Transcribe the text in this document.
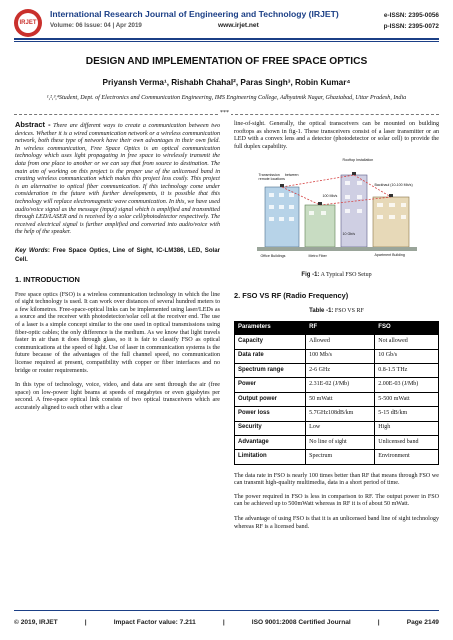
IRJET
International Research Journal of Engineering and Technology (IRJET)
Volume: 06 Issue: 04 | Apr 2019	www.irjet.net
e-ISSN: 2395-0056
p-ISSN: 2395-0072
DESIGN AND IMPLEMENTATION OF FREE SPACE OPTICS
Priyansh Verma¹, Rishabh Chahal², Paras Singh³, Robin Kumar⁴
¹,²,³,⁴Student, Dept. of Electronics and Communication Engineering, IMS Engineering College, Adhyatmik Nagar, Ghaziabad, Uttar Pradesh, India
***

Abstract - There are different ways to create a communication between two devices. Whether it is a wired communication network or a wireless communication network, both these type of network have their own advantages in their own field. In wireless communication, Free Space Optics is an optical communication technology which uses light propagating in free space to wirelessly transmit the data from one place to another or we can say that from source to destination. The main aim of working on this project is the proper use of the unlicensed band in creating wireless communication which makes this project less costly. This project is an alternative to optical fiber communication. If this technology come under consideration in the future with further developments, it is possible that this technology will replace electromagnetic wave communication. In this, we have used audio/voice signal as the message (input) signal which is amplified and transmitted through LED/LASER and is received by a solar cell/photodetector respectively. The received electrical signal is further amplified and converted into audio/voice with the help of the speaker.

Key Words: Free Space Optics, Line of Sight, IC-LM386, LED, Solar Cell.

1. INTRODUCTION

Free space optics (FSO) is a wireless communication technology in which the line of sight technology is used. It can work over distances of several hundred meters to a few kilometres. Free-space-optical links can be implemented using laser/LEDs as a source and the receiver with photodetector/solar cell at the receiver end. The use of a laser is a simple concept similar to the one used in optical transmissions using fiber-optic cables; the only difference is the medium. As we know that light travels faster in air than it does through glass, so it is fair to classify FSO as optical communications at the speed of light. Use of laser in communication systems is the future because of the advantages of the full channel speed, no communication license required at present, compatibility with copper or fiber interfaces and no bridge or router requirements.

In this type of technology, voice, video, and data are sent through the air (free space) on low-power light beams at speeds of megabytes or even gigabytes per second. A free-space optical link consists of two optical transceivers which are accurately aligned to each other with a clear

line-of-sight. Generally, the optical transceivers can be mounted on building rooftops as shown in fig-1. These transceivers consist of a laser transmitter or an LED with a convex lens and a detector (photodetector or solar cell) to provide the full duplex capability.

Rooftop Installation
Transmission between remote locations
Backhaul (10-100 Mb/s)
Office Buildings
100 Mb/s
10 Gb/s
Apartment Building
Metro Fiber
Fig -1: A Typical FSO Setup
2. FSO VS RF (Radio Frequency)
Table -1: FSO VS RF
Parameters	RF	FSO
Capacity	Allowed	Not allowed
Data rate	100 Mb/s	10 Gb/s
Spectrum range	2-6 GHz	0.8-1.5 THz
Power	2.31E-02 (J/Mb)	2.00E-03 (J/Mb)
Output power	50 mWatt	5-500 mWatt
Power loss	5.7GHz108dB/km	5-15 dB/km
Security	Low	High
Advantage	No line of sight	Unlicensed band
Limitation	Spectrum	Environment

The data rate in FSO is nearly 100 times better than RF that means through FSO we can transmit high-quality multimedia, data in a short period of time.

The power required in FSO is less in comparison to RF. The output power in FSO can be achieved up to 500mWatt whereas in RF it is of about 50 mWatt.

The advantage of using FSO is that it is an unlicensed band line of sight technology whereas RF is a licensed band.

© 2019, IRJET	|	Impact Factor value: 7.211	|	ISO 9001:2008 Certified Journal	|	Page 2149
